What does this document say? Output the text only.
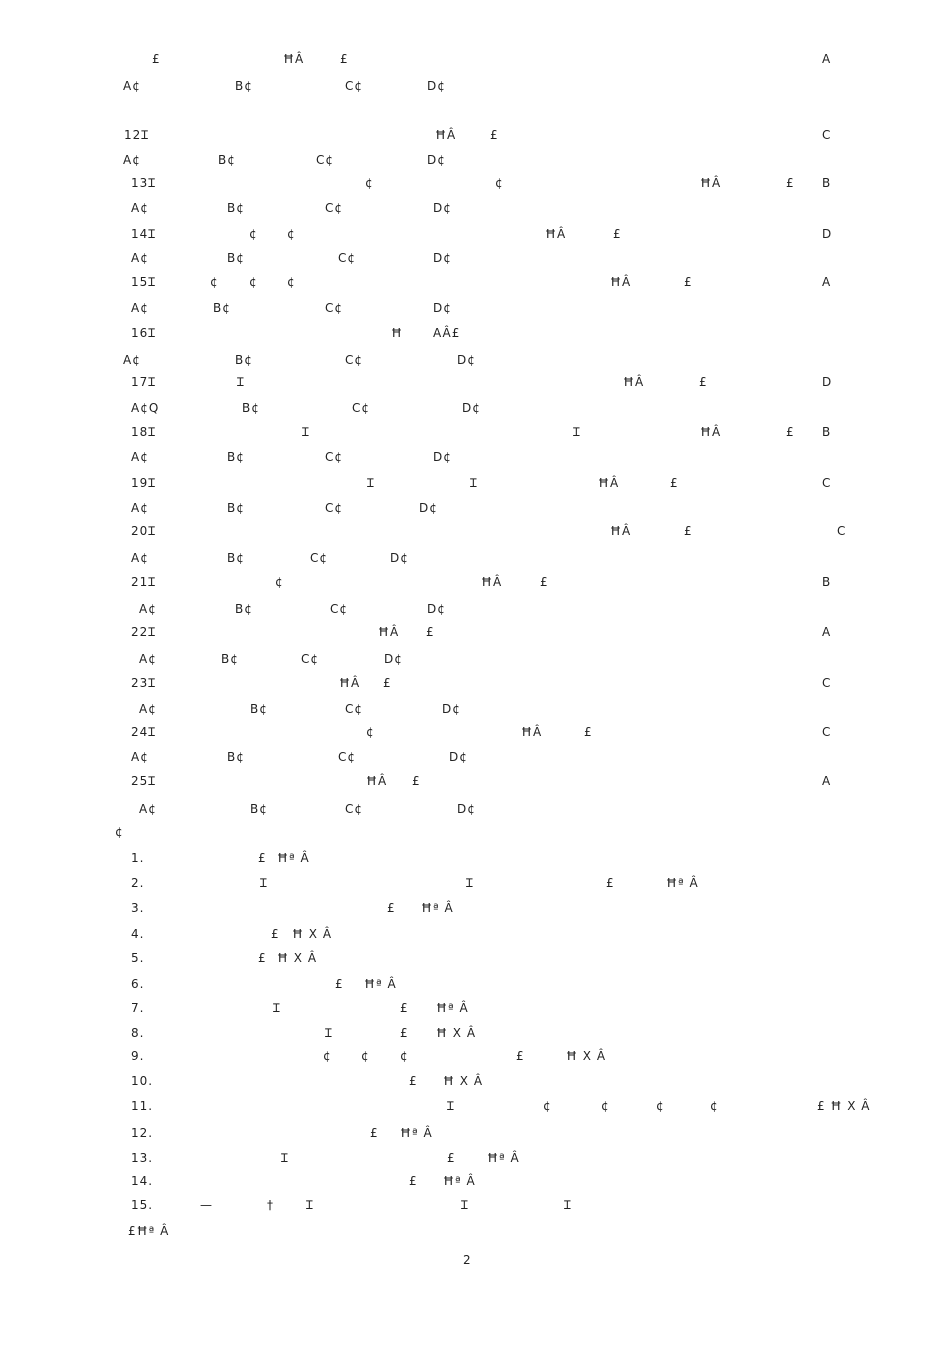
£	ĦÂ	£	A
A¢	B¢	C¢	D¢
12Ɪ	ĦÂ	£	C
A¢	B¢	C¢	D¢
13Ɪ	¢	¢	ĦÂ	£ B
A¢	B¢	C¢	D¢
14Ɪ	¢ ¢	ĦÂ	£	D
A¢	B¢	C¢	D¢
15Ɪ	¢	¢ ¢	ĦÂ	£	A
A¢	B¢	C¢	D¢
16Ɪ	Ħ	AÂ£
A¢	B¢	C¢	D¢
17Ɪ	Ɪ	ĦÂ	£	D
A¢Q	B¢	C¢	D¢
18Ɪ	Ɪ	Ɪ	ĦÂ	£ B
A¢	B¢	C¢	D¢
19Ɪ	Ɪ	Ɪ	ĦÂ	£	C
A¢	B¢	C¢	D¢
20Ɪ	ĦÂ	£	C
A¢	B¢	C¢	D¢
21Ɪ	¢	ĦÂ	£	B
A¢	B¢	C¢	D¢
22Ɪ	ĦÂ £	A
A¢	B¢	C¢	D¢
23Ɪ	ĦÂ £	C
A¢	B¢	C¢	D¢
24Ɪ	¢	ĦÂ	£	C
A¢	B¢	C¢	D¢
25Ɪ	ĦÂ £	A
A¢	B¢	C¢	D¢
¢
1.	£ Ħª Â
2.	Ɪ	Ɪ	£	Ħª Â
3.	£ Ħª Â
4.	£ Ħ X Â
5.	£ Ħ X Â
6.	£ Ħª Â
7.	Ɪ	£ Ħª Â
8.	Ɪ	£ Ħ X Â
9.	¢ ¢	¢	£	Ħ X Â
10.	£ Ħ X Â
11.	Ɪ	¢	¢	¢	¢	£ Ħ X Â
12.	£ Ħª Â
13.	Ɪ	£	Ħª Â
14.	£ Ħª Â
15.	—	†	Ɪ	Ɪ	Ɪ
£Ħª Â
2
